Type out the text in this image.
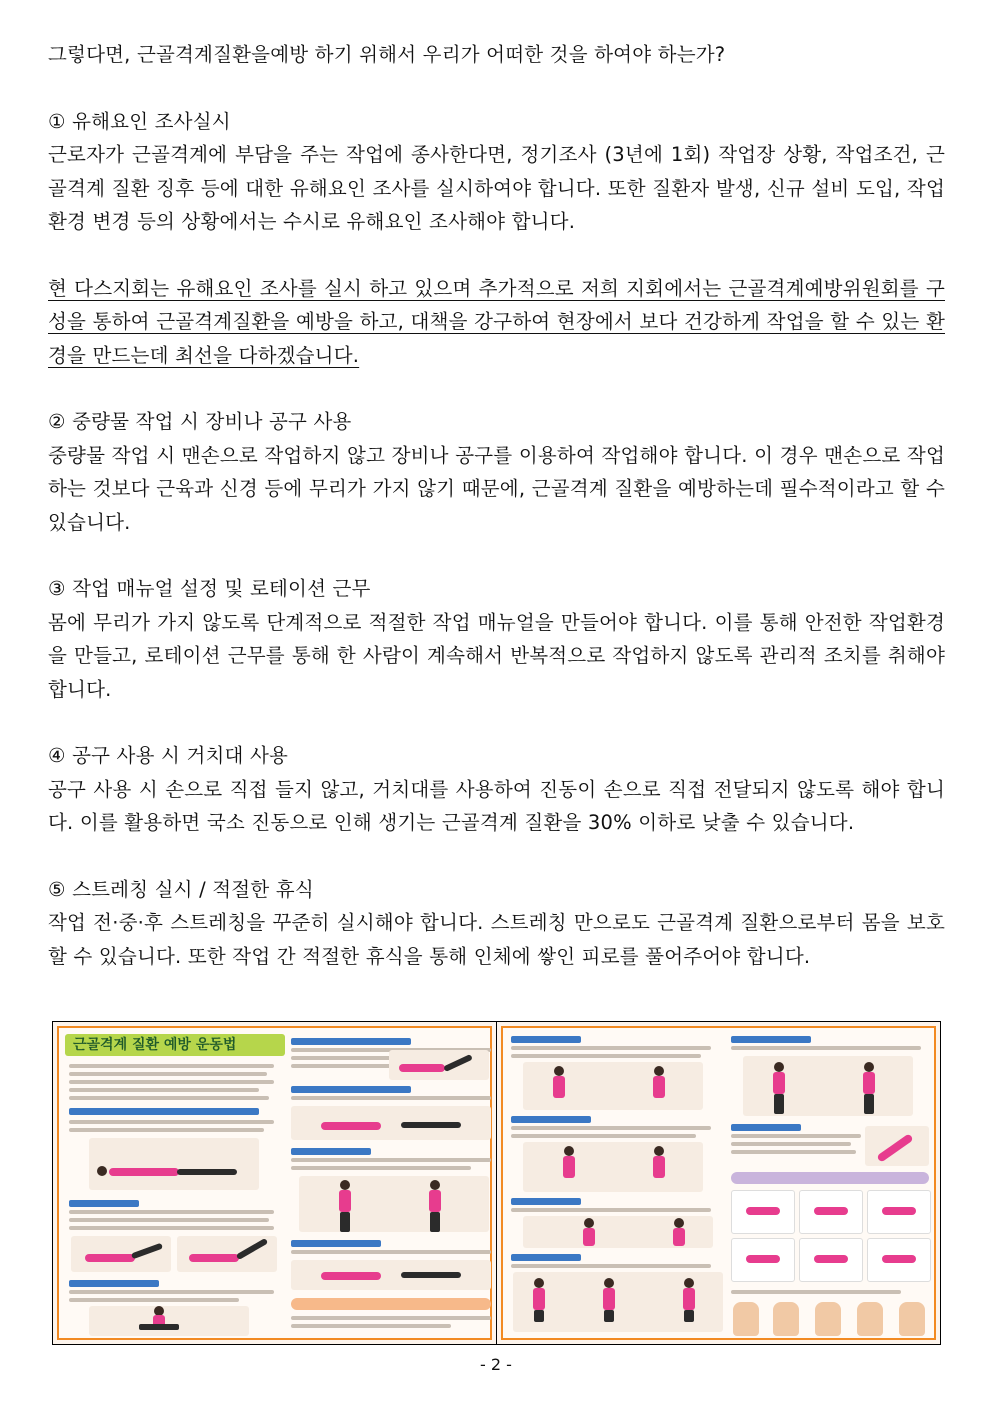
그렇다면, 근골격계질환을예방 하기 위해서 우리가 어떠한 것을 하여야 하는가?

① 유해요인 조사실시

근로자가 근골격계에 부담을 주는 작업에 종사한다면, 정기조사 (3년에 1회) 작업장 상황, 작업조건, 근골격계 질환 징후 등에 대한 유해요인 조사를 실시하여야 합니다. 또한 질환자 발생, 신규 설비 도입, 작업환경 변경 등의 상황에서는 수시로 유해요인 조사해야 합니다.

현 다스지회는 유해요인 조사를 실시 하고 있으며 추가적으로 저희 지회에서는 근골격계예방위원회를 구성을 통하여 근골격계질환을 예방을 하고, 대책을 강구하여 현장에서 보다 건강하게 작업을 할 수 있는 환경을 만드는데 최선을 다하겠습니다.

② 중량물 작업 시 장비나 공구 사용

중량물 작업 시 맨손으로 작업하지 않고 장비나 공구를 이용하여 작업해야 합니다. 이 경우 맨손으로 작업하는 것보다 근육과 신경 등에 무리가 가지 않기 때문에, 근골격계 질환을 예방하는데 필수적이라고 할 수 있습니다.

③ 작업 매뉴얼 설정 및 로테이션 근무

몸에 무리가 가지 않도록 단계적으로 적절한 작업 매뉴얼을 만들어야 합니다. 이를 통해 안전한 작업환경을 만들고, 로테이션 근무를 통해 한 사람이 계속해서 반복적으로 작업하지 않도록 관리적 조치를 취해야 합니다.

④ 공구 사용 시 거치대 사용

공구 사용 시 손으로 직접 들지 않고, 거치대를 사용하여 진동이 손으로 직접 전달되지 않도록 해야 합니다. 이를 활용하면 국소 진동으로 인해 생기는 근골격계 질환을 30% 이하로 낮출 수 있습니다.

⑤ 스트레칭 실시 / 적절한 휴식

작업 전·중·후 스트레칭을 꾸준히 실시해야 합니다. 스트레칭 만으로도 근골격계 질환으로부터 몸을 보호할 수 있습니다. 또한 작업 간 적절한 휴식을 통해 인체에 쌓인 피로를 풀어주어야 합니다.

근골격계 질환 예방 운동법
- 2 -
